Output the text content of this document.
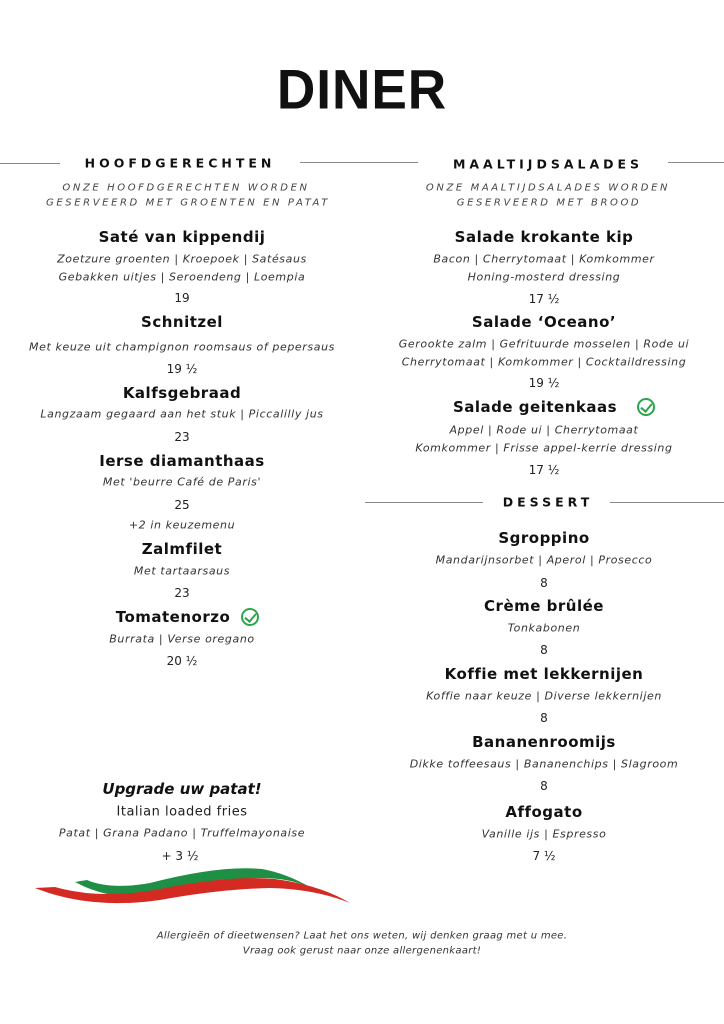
DINER
HOOFDGERECHTEN
ONZE HOOFDGERECHTEN WORDEN
GESERVEERD MET GROENTEN EN PATAT
MAALTIJDSALADES
ONZE MAALTIJDSALADES WORDEN
GESERVEERD MET BROOD
DESSERT
Saté van kippendij
Zoetzure groenten | Kroepoek | Satésaus
Gebakken uitjes | Seroendeng | Loempia
19
Schnitzel
Met keuze uit champignon roomsaus of pepersaus
19 ½
Kalfsgebraad
Langzaam gegaard aan het stuk | Piccalilly jus
23
Ierse diamanthaas
Met 'beurre Café de Paris'
25
+2 in keuzemenu
Zalmfilet
Met tartaarsaus
23
Tomatenorzo
Burrata | Verse oregano
20 ½
Salade krokante kip
Bacon | Cherrytomaat | Komkommer
Honing-mosterd dressing
17 ½
Salade ‘Oceano’
Gerookte zalm | Gefrituurde mosselen | Rode ui
Cherrytomaat | Komkommer | Cocktaildressing
19 ½
Salade geitenkaas
Appel | Rode ui | Cherrytomaat
Komkommer | Frisse appel-kerrie dressing
17 ½
Sgroppino
Mandarijnsorbet | Aperol | Prosecco
8
Crème brûlée
Tonkabonen
8
Koffie met lekkernijen
Koffie naar keuze | Diverse lekkernijen
8
Bananenroomijs
Dikke toffeesaus | Bananenchips | Slagroom
8
Affogato
Vanille ijs | Espresso
7 ½
Upgrade uw patat!
Italian loaded fries
Patat | Grana Padano | Truffelmayonaise
+ 3 ½
Allergieën of dieetwensen? Laat het ons weten, wij denken graag met u mee.
Vraag ook gerust naar onze allergenenkaart!
